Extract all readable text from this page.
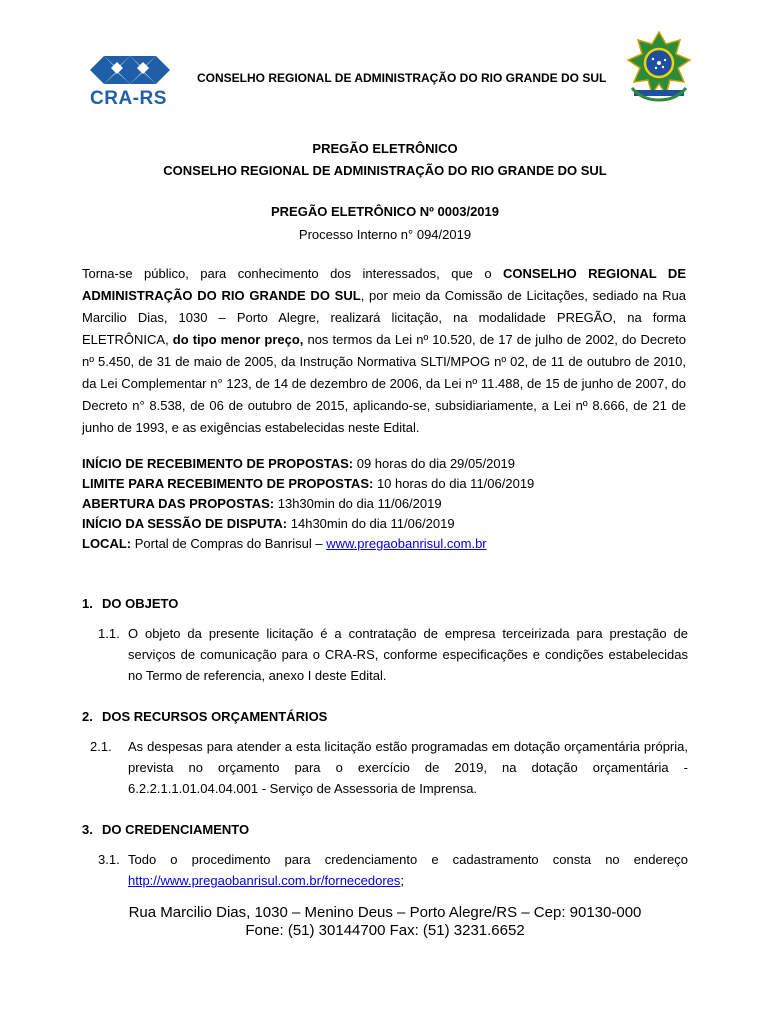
CRA-RS
CONSELHO REGIONAL DE ADMINISTRAÇÃO DO RIO GRANDE DO SUL
PREGÃO ELETRÔNICO
CONSELHO REGIONAL DE ADMINISTRAÇÃO DO RIO GRANDE DO SUL
PREGÃO ELETRÔNICO Nº 0003/2019
Processo Interno n° 094/2019
Torna-se público, para conhecimento dos interessados, que o CONSELHO REGIONAL DE ADMINISTRAÇÃO DO RIO GRANDE DO SUL, por meio da Comissão de Licitações, sediado na Rua Marcilio Dias, 1030 – Porto Alegre, realizará licitação, na modalidade PREGÃO, na forma ELETRÔNICA, do tipo menor preço, nos termos da Lei nº 10.520, de 17 de julho de 2002, do Decreto nº 5.450, de 31 de maio de 2005, da Instrução Normativa SLTI/MPOG nº 02, de 11 de outubro de 2010, da Lei Complementar n° 123, de 14 de dezembro de 2006, da Lei nº 11.488, de 15 de junho de 2007, do Decreto n° 8.538, de 06 de outubro de 2015, aplicando-se, subsidiariamente, a Lei nº 8.666, de 21 de junho de 1993, e as exigências estabelecidas neste Edital.
INÍCIO DE RECEBIMENTO DE PROPOSTAS: 09 horas do dia 29/05/2019
LIMITE PARA RECEBIMENTO DE PROPOSTAS: 10 horas do dia 11/06/2019
ABERTURA DAS PROPOSTAS: 13h30min do dia 11/06/2019
INÍCIO DA SESSÃO DE DISPUTA: 14h30min do dia 11/06/2019
LOCAL: Portal de Compras do Banrisul – www.pregaobanrisul.com.br
1. DO OBJETO
1.1. O objeto da presente licitação é a contratação de empresa terceirizada para prestação de serviços de comunicação para o CRA-RS, conforme especificações e condições estabelecidas no Termo de referencia, anexo I deste Edital.
2. DOS RECURSOS ORÇAMENTÁRIOS
2.1. As despesas para atender a esta licitação estão programadas em dotação orçamentária própria, prevista no orçamento para o exercício de 2019, na dotação orçamentária - 6.2.2.1.1.01.04.04.001 - Serviço de Assessoria de Imprensa.
3. DO CREDENCIAMENTO
3.1. Todo o procedimento para credenciamento e cadastramento consta no endereço
http://www.pregaobanrisul.com.br/fornecedores;
Rua Marcilio Dias, 1030 – Menino Deus – Porto Alegre/RS – Cep: 90130-000
Fone: (51) 30144700 Fax: (51) 3231.6652
